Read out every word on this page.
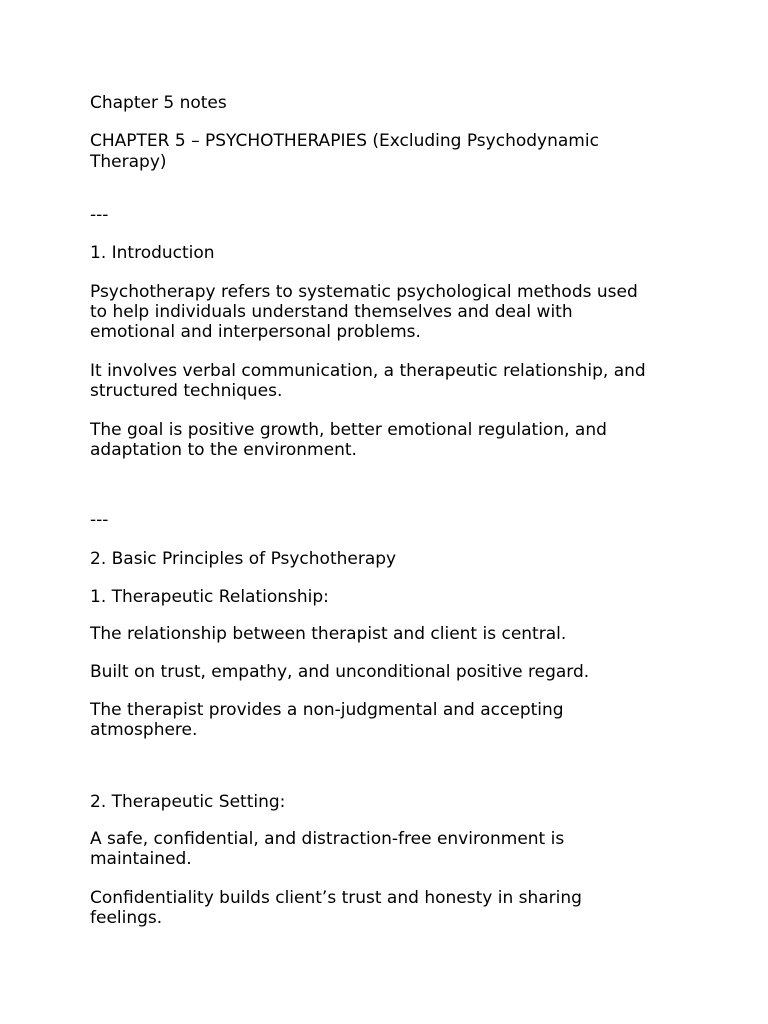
Chapter 5 notes

CHAPTER 5 – PSYCHOTHERAPIES (Excluding Psychodynamic

Therapy)

---

1. Introduction

Psychotherapy refers to systematic psychological methods used

to help individuals understand themselves and deal with

emotional and interpersonal problems.

It involves verbal communication, a therapeutic relationship, and

structured techniques.

The goal is positive growth, better emotional regulation, and

adaptation to the environment.

---

2. Basic Principles of Psychotherapy

1. Therapeutic Relationship:

The relationship between therapist and client is central.

Built on trust, empathy, and unconditional positive regard.

The therapist provides a non-judgmental and accepting

atmosphere.

2. Therapeutic Setting:

A safe, confidential, and distraction-free environment is

maintained.

Confidentiality builds client’s trust and honesty in sharing

feelings.
